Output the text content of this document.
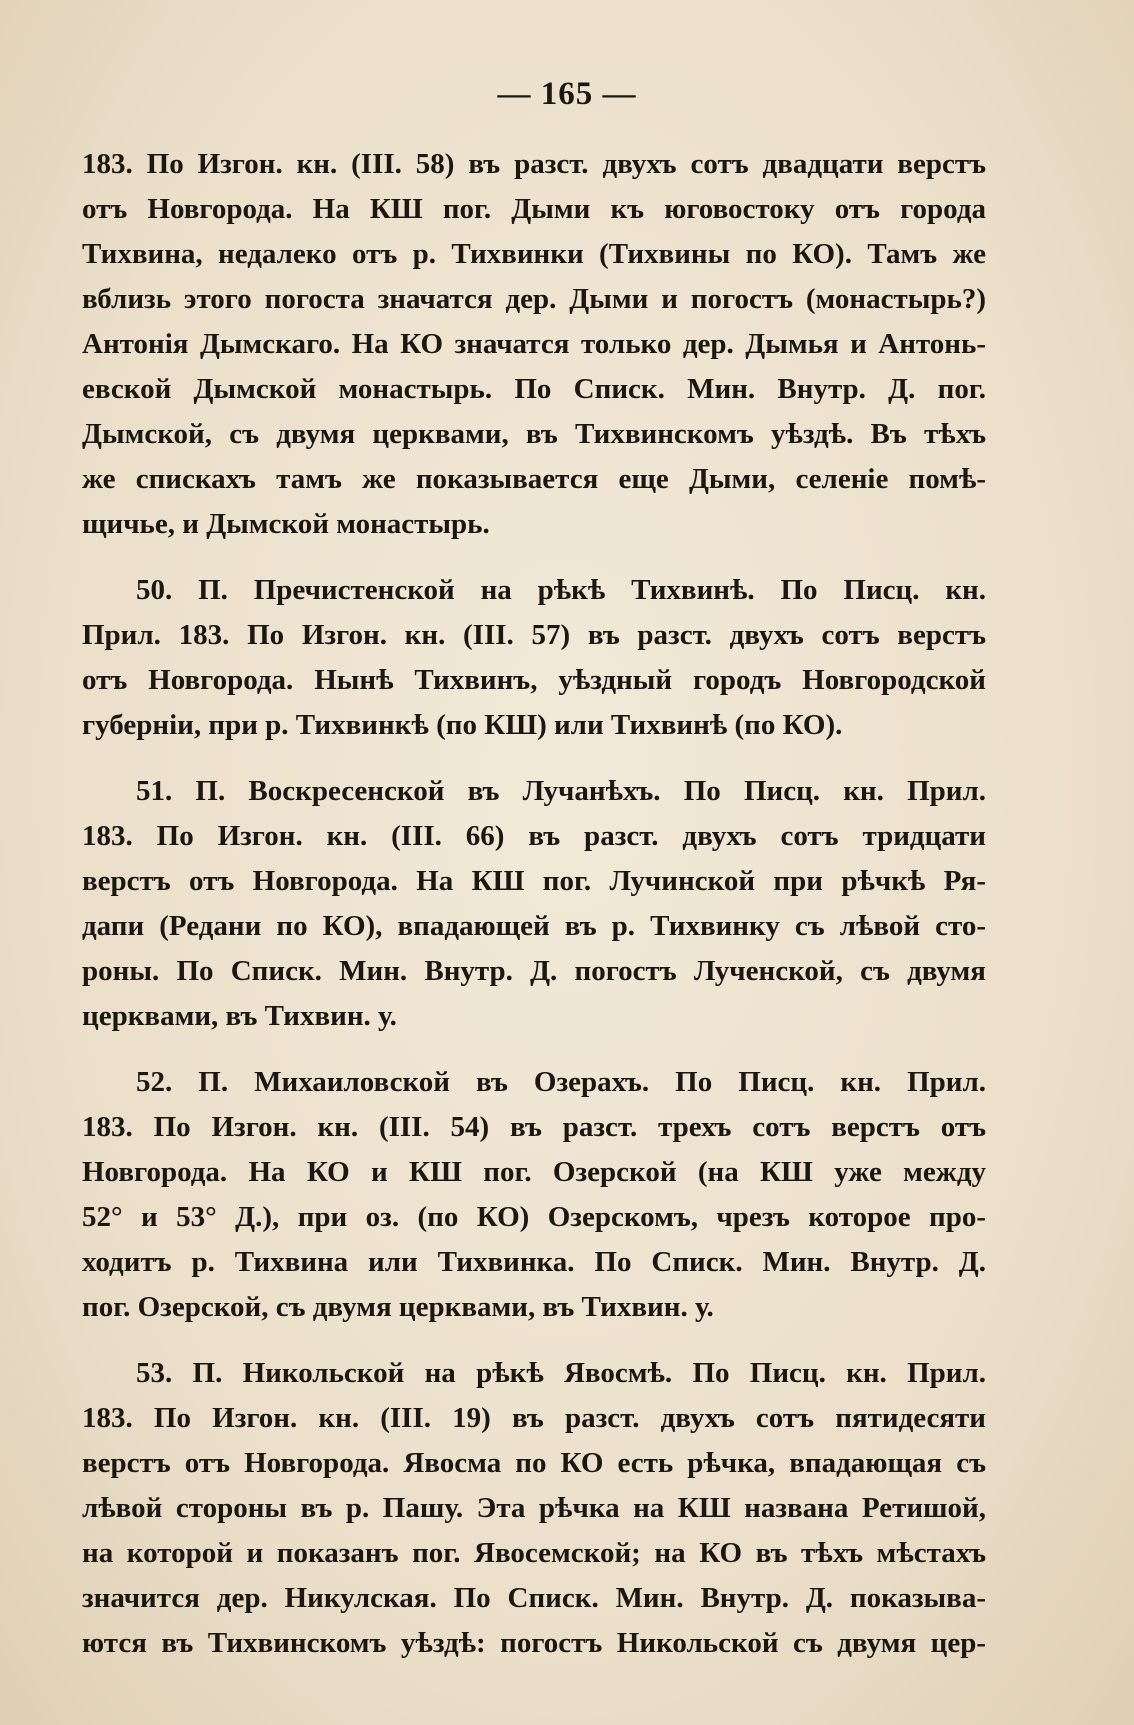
— 165 —
183. По Изгон. кн. (III. 58) въ разст. двухъ сотъ двадцати верстъ
отъ Новгорода. На КШ пог. Дыми къ юговостоку отъ города
Тихвина, недалеко отъ р. Тихвинки (Тихвины по КО). Тамъ же
вблизь этого погоста значатся дер. Дыми и погостъ (монастырь?)
Антонія Дымскаго. На КО значатся только дер. Дымья и Антонь-
евской Дымской монастырь. По Списк. Мин. Внутр. Д. пог.
Дымской, съ двумя церквами, въ Тихвинскомъ уѣздѣ. Въ тѣхъ
же спискахъ тамъ же показывается еще Дыми, селеніе помѣ-
щичье, и Дымской монастырь.
50. П. Пречистенской на рѣкѣ Тихвинѣ. По Писц. кн.
Прил. 183. По Изгон. кн. (III. 57) въ разст. двухъ сотъ верстъ
отъ Новгорода. Нынѣ Тихвинъ, уѣздный городъ Новгородской
губерніи, при р. Тихвинкѣ (по КШ) или Тихвинѣ (по КО).
51. П. Воскресенской въ Лучанѣхъ. По Писц. кн. Прил.
183. По Изгон. кн. (III. 66) въ разст. двухъ сотъ тридцати
верстъ отъ Новгорода. На КШ пог. Лучинской при рѣчкѣ Ря-
дапи (Редани по КО), впадающей въ р. Тихвинку съ лѣвой сто-
роны. По Списк. Мин. Внутр. Д. погостъ Лученской, съ двумя
церквами, въ Тихвин. у.
52. П. Михаиловской въ Озерахъ. По Писц. кн. Прил.
183. По Изгон. кн. (III. 54) въ разст. трехъ сотъ верстъ отъ
Новгорода. На КО и КШ пог. Озерской (на КШ уже между
52° и 53° Д.), при оз. (по КО) Озерскомъ, чрезъ которое про-
ходитъ р. Тихвина или Тихвинка. По Списк. Мин. Внутр. Д.
пог. Озерской, съ двумя церквами, въ Тихвин. у.
53. П. Никольской на рѣкѣ Явосмѣ. По Писц. кн. Прил.
183. По Изгон. кн. (III. 19) въ разст. двухъ сотъ пятидесяти
верстъ отъ Новгорода. Явосма по КО есть рѣчка, впадающая съ
лѣвой стороны въ р. Пашу. Эта рѣчка на КШ названа Ретишой,
на которой и показанъ пог. Явосемской; на КО въ тѣхъ мѣстахъ
значится дер. Никулская. По Списк. Мин. Внутр. Д. показыва-
ются въ Тихвинскомъ уѣздѣ: погостъ Никольской съ двумя цер-
